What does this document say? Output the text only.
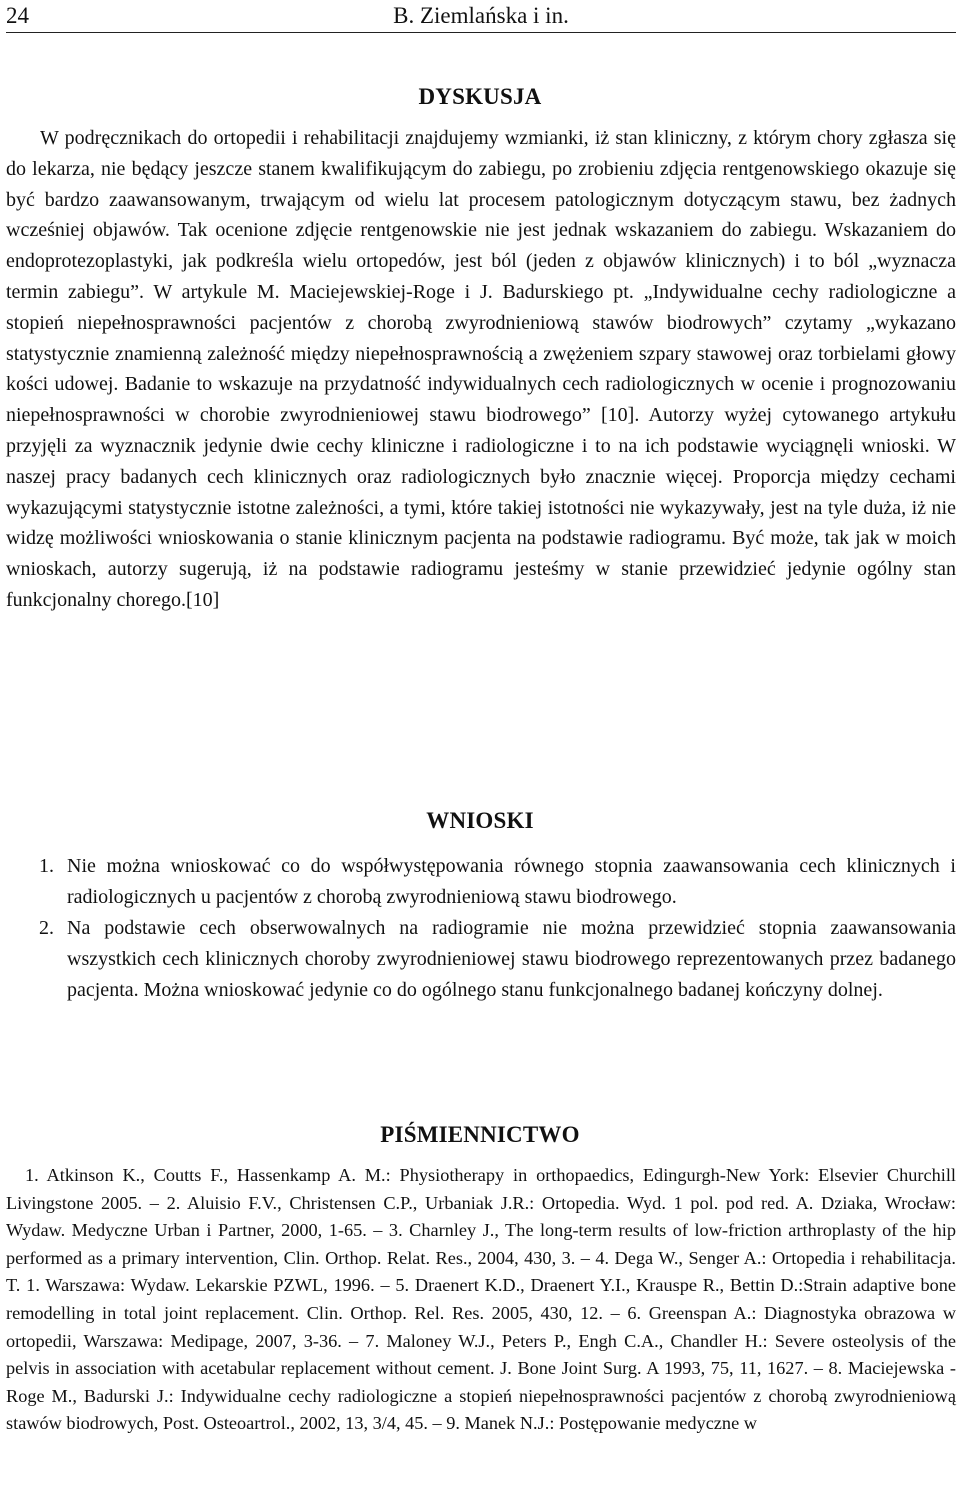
24	B. Ziemlańska i in.
DYSKUSJA

W podręcznikach do ortopedii i rehabilitacji znajdujemy wzmianki, iż stan kliniczny, z którym chory zgłasza się do lekarza, nie będący jeszcze stanem kwalifikującym do zabiegu, po zrobieniu zdjęcia rentgenowskiego okazuje się być bardzo zaawansowanym, trwającym od wielu lat procesem patologicznym dotyczącym stawu, bez żadnych wcześniej objawów. Tak ocenione zdjęcie rentgenowskie nie jest jednak wskazaniem do zabiegu. Wskazaniem do endoprotezoplastyki, jak podkreśla wielu ortopedów, jest ból (jeden z objawów klinicznych) i to ból „wyznacza termin zabiegu”. W artykule M. Maciejewskiej-Roge i J. Badurskiego pt. „Indywidualne cechy radiologiczne a stopień niepełnosprawności pacjentów z chorobą zwyrodnieniową stawów biodrowych” czytamy „wykazano statystycznie znamienną zależność między niepełnosprawnością a zwężeniem szpary stawowej oraz torbielami głowy kości udowej. Badanie to wskazuje na przydatność indywidualnych cech radiologicznych w ocenie i prognozowaniu niepełnosprawności w chorobie zwyrodnieniowej stawu biodrowego” [10]. Autorzy wyżej cytowanego artykułu przyjęli za wyznacznik jedynie dwie cechy kliniczne i radiologiczne i to na ich podstawie wyciągnęli wnioski. W naszej pracy badanych cech klinicznych oraz radiologicznych było znacznie więcej. Proporcja między cechami wykazującymi statystycznie istotne zależności, a tymi, które takiej istotności nie wykazywały, jest na tyle duża, iż nie widzę możliwości wnioskowania o stanie klinicznym pacjenta na podstawie radiogramu. Być może, tak jak w moich wnioskach, autorzy sugerują, iż na podstawie radiogramu jesteśmy w stanie przewidzieć jedynie ogólny stan funkcjonalny chorego.[10]

WNIOSKI
1. Nie można wnioskować co do współwystępowania równego stopnia zaawansowania cech klinicznych i radiologicznych u pacjentów z chorobą zwyrodnieniową stawu biodrowego.
2. Na podstawie cech obserwowalnych na radiogramie nie można przewidzieć stopnia zaawansowania wszystkich cech klinicznych choroby zwyrodnieniowej stawu biodrowego reprezentowanych przez badanego pacjenta. Można wnioskować jedynie co do ogólnego stanu funkcjonalnego badanej kończyny dolnej.
PIŚMIENNICTWO

1. Atkinson K., Coutts F., Hassenkamp A. M.: Physiotherapy in orthopaedics, Edingurgh-New York: Elsevier Churchill Livingstone 2005. – 2. Aluisio F.V., Christensen C.P., Urbaniak J.R.: Ortopedia. Wyd. 1 pol. pod red. A. Dziaka, Wrocław: Wydaw. Medyczne Urban i Partner, 2000, 1-65. – 3. Charnley J., The long-term results of low-friction arthroplasty of the hip performed as a primary intervention, Clin. Orthop. Relat. Res., 2004, 430, 3. – 4. Dega W., Senger A.: Ortopedia i rehabilitacja. T. 1. Warszawa: Wydaw. Lekarskie PZWL, 1996. – 5. Draenert K.D., Draenert Y.I., Krauspe R., Bettin D.:Strain adaptive bone remodelling in total joint replacement. Clin. Orthop. Rel. Res. 2005, 430, 12. – 6. Greenspan A.: Diagnostyka obrazowa w ortopedii, Warszawa: Medipage, 2007, 3-36. – 7. Maloney W.J., Peters P., Engh C.A., Chandler H.: Severe osteolysis of the pelvis in association with acetabular replacement without cement. J. Bone Joint Surg. A 1993, 75, 11, 1627. – 8. Maciejewska - Roge M., Badurski J.: Indywidualne cechy radiologiczne a stopień niepełnosprawności pacjentów z chorobą zwyrodnieniową stawów biodrowych, Post. Osteoartrol., 2002, 13, 3/4, 45. – 9. Manek N.J.: Postępowanie medyczne w
